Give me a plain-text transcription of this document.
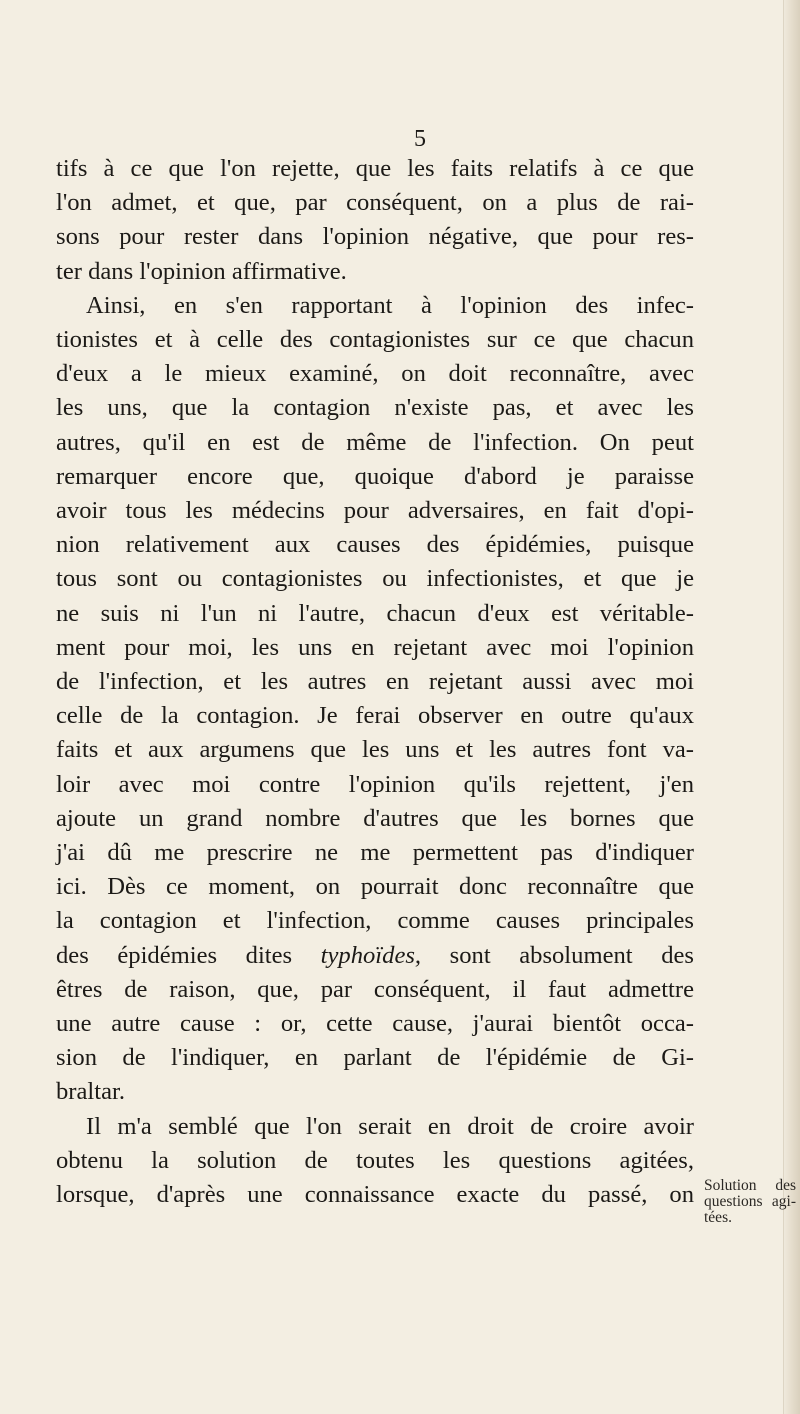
5

tifs à ce que l'on rejette, que les faits relatifs à ce que
l'on admet, et que, par conséquent, on a plus de rai-
sons pour rester dans l'opinion négative, que pour res-
ter dans l'opinion affirmative.

Ainsi, en s'en rapportant à l'opinion des infec-
tionistes et à celle des contagionistes sur ce que chacun
d'eux a le mieux examiné, on doit reconnaître, avec
les uns, que la contagion n'existe pas, et avec les
autres, qu'il en est de même de l'infection. On peut
remarquer encore que, quoique d'abord je paraisse
avoir tous les médecins pour adversaires, en fait d'opi-
nion relativement aux causes des épidémies, puisque
tous sont ou contagionistes ou infectionistes, et que je
ne suis ni l'un ni l'autre, chacun d'eux est véritable-
ment pour moi, les uns en rejetant avec moi l'opinion
de l'infection, et les autres en rejetant aussi avec moi
celle de la contagion. Je ferai observer en outre qu'aux
faits et aux argumens que les uns et les autres font va-
loir avec moi contre l'opinion qu'ils rejettent, j'en
ajoute un grand nombre d'autres que les bornes que
j'ai dû me prescrire ne me permettent pas d'indiquer
ici. Dès ce moment, on pourrait donc reconnaître que
la contagion et l'infection, comme causes principales
des épidémies dites typhoïdes, sont absolument des
êtres de raison, que, par conséquent, il faut admettre
une autre cause : or, cette cause, j'aurai bientôt occa-
sion de l'indiquer, en parlant de l'épidémie de Gi-
braltar.

Il m'a semblé que l'on serait en droit de croire avoir
obtenu la solution de toutes les questions agitées,
lorsque, d'après une connaissance exacte du passé, on Solution des
questions agi-
tées.
